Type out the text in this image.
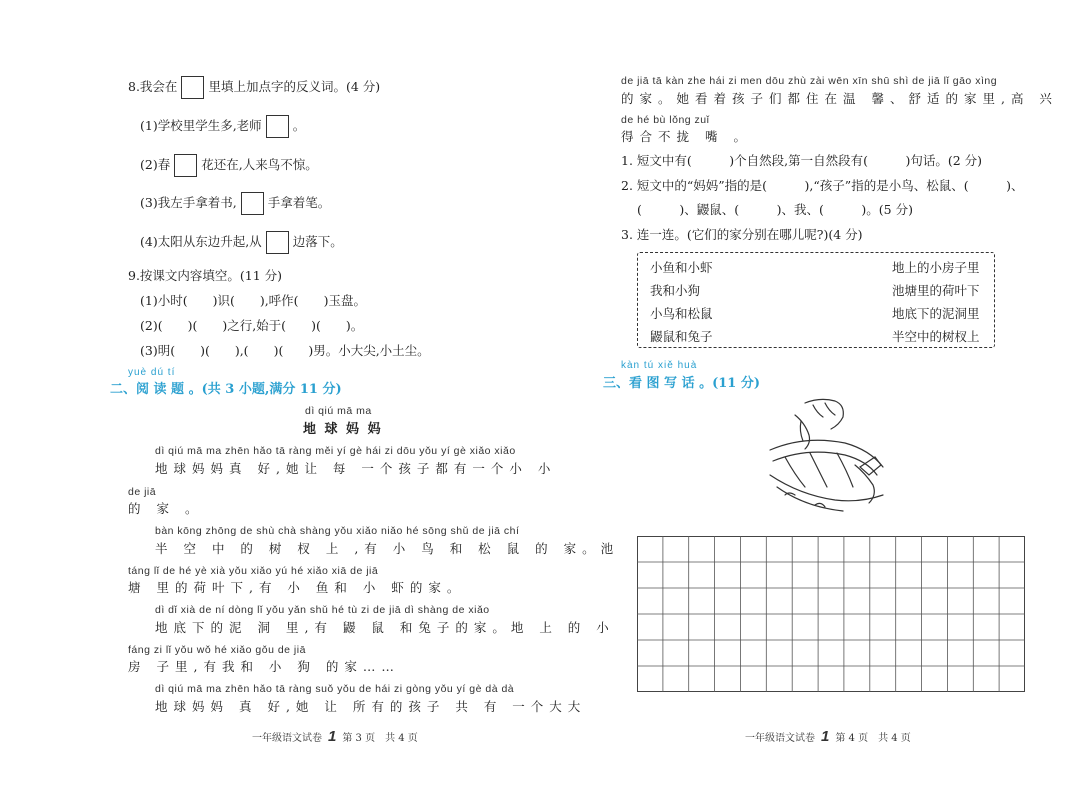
8.我会在 里填上加点字的反义词。(4 分)
(1)学校里学生多,老师 。
(2)春 花还在,人来鸟不惊。
(3)我左手拿着书, 手拿着笔。
(4)太阳从东边升起,从 边落下。
9.按课文内容填空。(11 分)
(1)小时(　　)识(　　),呼作(　　)玉盘。
(2)(　　)(　　)之行,始于(　　)(　　)。
(3)明(　　)(　　),(　　)(　　)男。小大尖,小土尘。
yuè dú tí
二、阅 读 题 。(共 3 小题,满分 11 分)
dì qiú mā ma
地 球 妈 妈
dì qiú mā ma zhēn hǎo tā ràng měi yí gè hái zi dōu yǒu yí gè xiǎo xiǎo
地球妈妈真 好,她让 每 一个孩子都有一个小 小
de jiā
的 家 。
bàn kōng zhōng de shù chà shàng yǒu xiǎo niǎo hé sōng shǔ de jiā chí
半 空 中 的 树 杈 上 ,有 小 鸟 和 松 鼠 的 家。池
táng lǐ de hé yè xià yǒu xiǎo yú hé xiǎo xiā de jiā
塘 里的荷叶下,有 小 鱼和 小 虾的家。
dì dǐ xià de ní dòng lǐ yǒu yǎn shǔ hé tù zi de jiā dì shàng de xiǎo
地底下的泥 洞 里,有 鼹 鼠 和兔子的家。地 上 的 小
fáng zi lǐ yǒu wǒ hé xiǎo gǒu de jiā
房 子里,有我和 小 狗 的家……
dì qiú mā ma zhēn hǎo tā ràng suǒ yǒu de hái zi gòng yǒu yí gè dà dà
地球妈妈 真 好,她 让 所有的孩子 共 有 一个大大
一年级语文试卷 1 第 3 页　共 4 页
de jiā tā kàn zhe hái zi men dōu zhù zài wēn xīn shū shì de jiā lǐ gāo xìng
的家。她看着孩子们都住在温 馨、舒适的家里,高 兴
de hé bù lǒng zuǐ
得合不拢 嘴 。
1. 短文中有(　　　)个自然段,第一自然段有(　　　)句话。(2 分)
2. 短文中的“妈妈”指的是(　　　),“孩子”指的是小鸟、松鼠、(　　　)、
(　　　)、鼹鼠、(　　　)、我、(　　　)。(5 分)
3. 连一连。(它们的家分别在哪儿呢?)(4 分)
小鱼和小虾
我和小狗
小鸟和松鼠
鼹鼠和兔子
地上的小房子里
池塘里的荷叶下
地底下的泥洞里
半空中的树杈上
kàn tú xiě huà
三、看 图 写 话 。(11 分)
一年级语文试卷 1 第 4 页　共 4 页
